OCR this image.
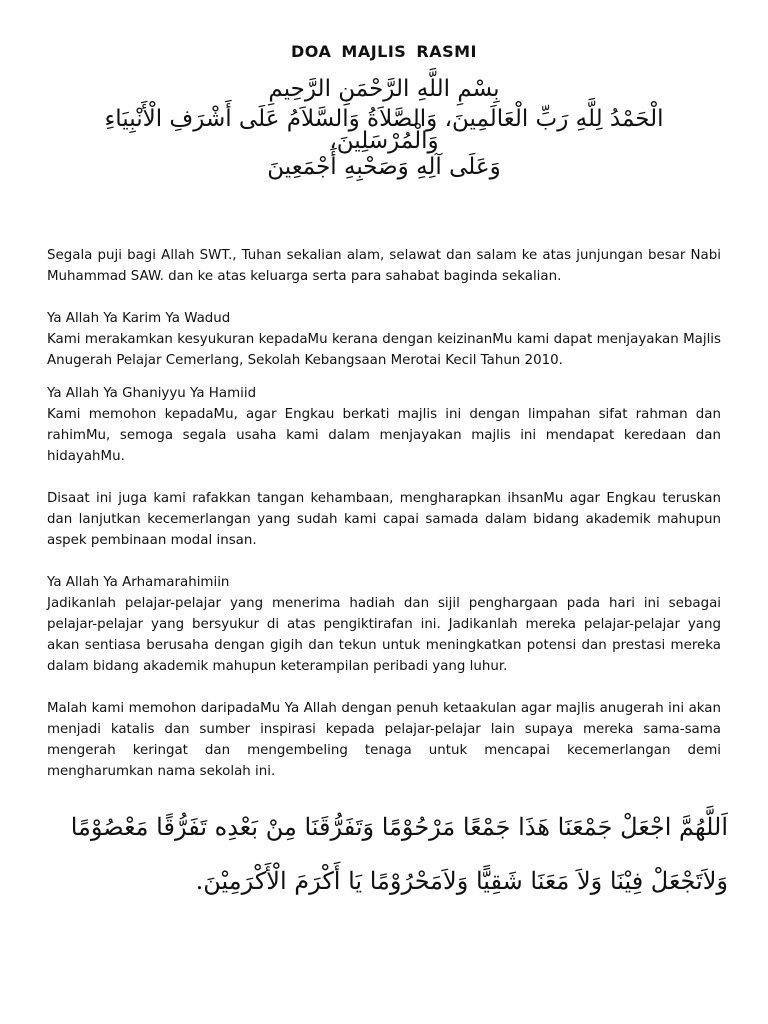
DOA MAJLIS RASMI
بِسْمِ اللَّهِ الرَّحْمَنِ الرَّحِيمِ
الْحَمْدُ لِلَّهِ رَبِّ الْعَالَمِينَ، وَالصَّلاَةُ وَالسَّلاَمُ عَلَى أَشْرَفِ الْأَنْبِيَاءِ
وَالْمُرْسَلِينَ،
وَعَلَى آلِهِ وَصَحْبِهِ أَجْمَعِينَ

Segala puji bagi Allah SWT., Tuhan sekalian alam, selawat dan salam ke atas junjungan besar Nabi Muhammad SAW. dan ke atas keluarga serta para sahabat baginda sekalian.

Ya Allah Ya Karim Ya Wadud

Kami merakamkan kesyukuran kepadaMu kerana dengan keizinanMu kami dapat menjayakan Majlis Anugerah Pelajar Cemerlang, Sekolah Kebangsaan Merotai Kecil Tahun 2010.

Ya Allah Ya Ghaniyyu Ya Hamiid

Kami memohon kepadaMu, agar Engkau berkati majlis ini dengan limpahan sifat rahman dan rahimMu, semoga segala usaha kami dalam menjayakan majlis ini mendapat keredaan dan hidayahMu.

Disaat ini juga kami rafakkan tangan kehambaan, mengharapkan ihsanMu agar Engkau teruskan dan lanjutkan kecemerlangan yang sudah kami capai samada dalam bidang akademik mahupun aspek pembinaan modal insan.

Ya Allah Ya Arhamarahimiin

Jadikanlah pelajar-pelajar yang menerima hadiah dan sijil penghargaan pada hari ini sebagai pelajar-pelajar yang bersyukur di atas pengiktirafan ini. Jadikanlah mereka pelajar-pelajar yang akan sentiasa berusaha dengan gigih dan tekun untuk meningkatkan potensi dan prestasi mereka dalam bidang akademik mahupun keterampilan peribadi yang luhur.

Malah kami memohon daripadaMu Ya Allah dengan penuh ketaakulan agar majlis anugerah ini akan menjadi katalis dan sumber inspirasi kepada pelajar-pelajar lain supaya mereka sama-sama mengerah keringat dan mengembeling tenaga untuk mencapai kecemerlangan demi mengharumkan nama sekolah ini.

اَللَّهُمَّ اجْعَلْ جَمْعَنَا هَذَا جَمْعًا مَرْحُوْمًا وَتَفَرُّقَنَا مِنْ بَعْدِه تَفَرُّقًا مَعْصُوْمًا
وَلاَتَجْعَلْ فِيْنَا وَلاَ مَعَنَا شَقِيًّا وَلاَمَحْرُوْمًا يَا أَكْرَمَ الْأَكْرَمِيْنَ.
